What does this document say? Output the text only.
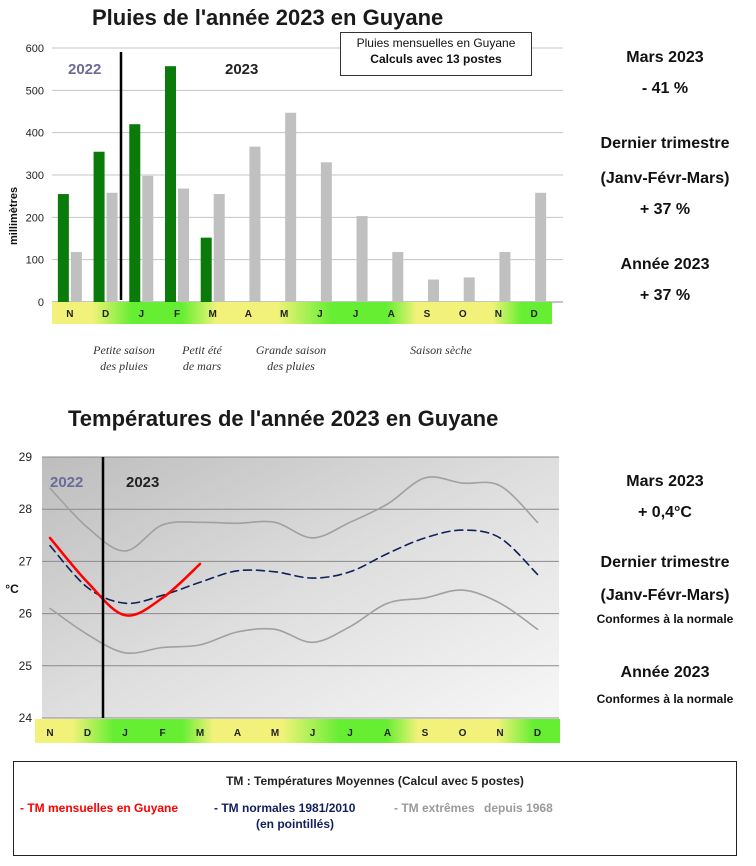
Pluies de l'année 2023 en Guyane
2022	2023
millimètres
0
100
200
300
400
500
600
N	D	J	F	M	A	M	J	J	A	S	O	N	D
Petite saison
des pluies
Petit été
de mars
Grande saison
des pluies
Saison sèche
Pluies mensuelles en Guyane
Calculs avec 13 postes	Mars 2023
- 41 %
Dernier trimestre
(Janv-Févr-Mars)
+ 37 %
Année 2023
+ 37 %
Températures de l'année 2023 en Guyane
2022	2023
°C
24
25
26
27
28
29
N	D	J	F	M	A	M	J	J	A	S	O	N	D
Mars 2023
+ 0,4°C
Dernier trimestre
(Janv-Févr-Mars)
Conformes à la normale
Année 2023
Conformes à la normale
TM : Températures Moyennes (Calcul avec 5 postes)
- TM mensuelles en Guyane	- TM normales 1981/2010
(en pointillés)
- TM extrêmes depuis 1968
